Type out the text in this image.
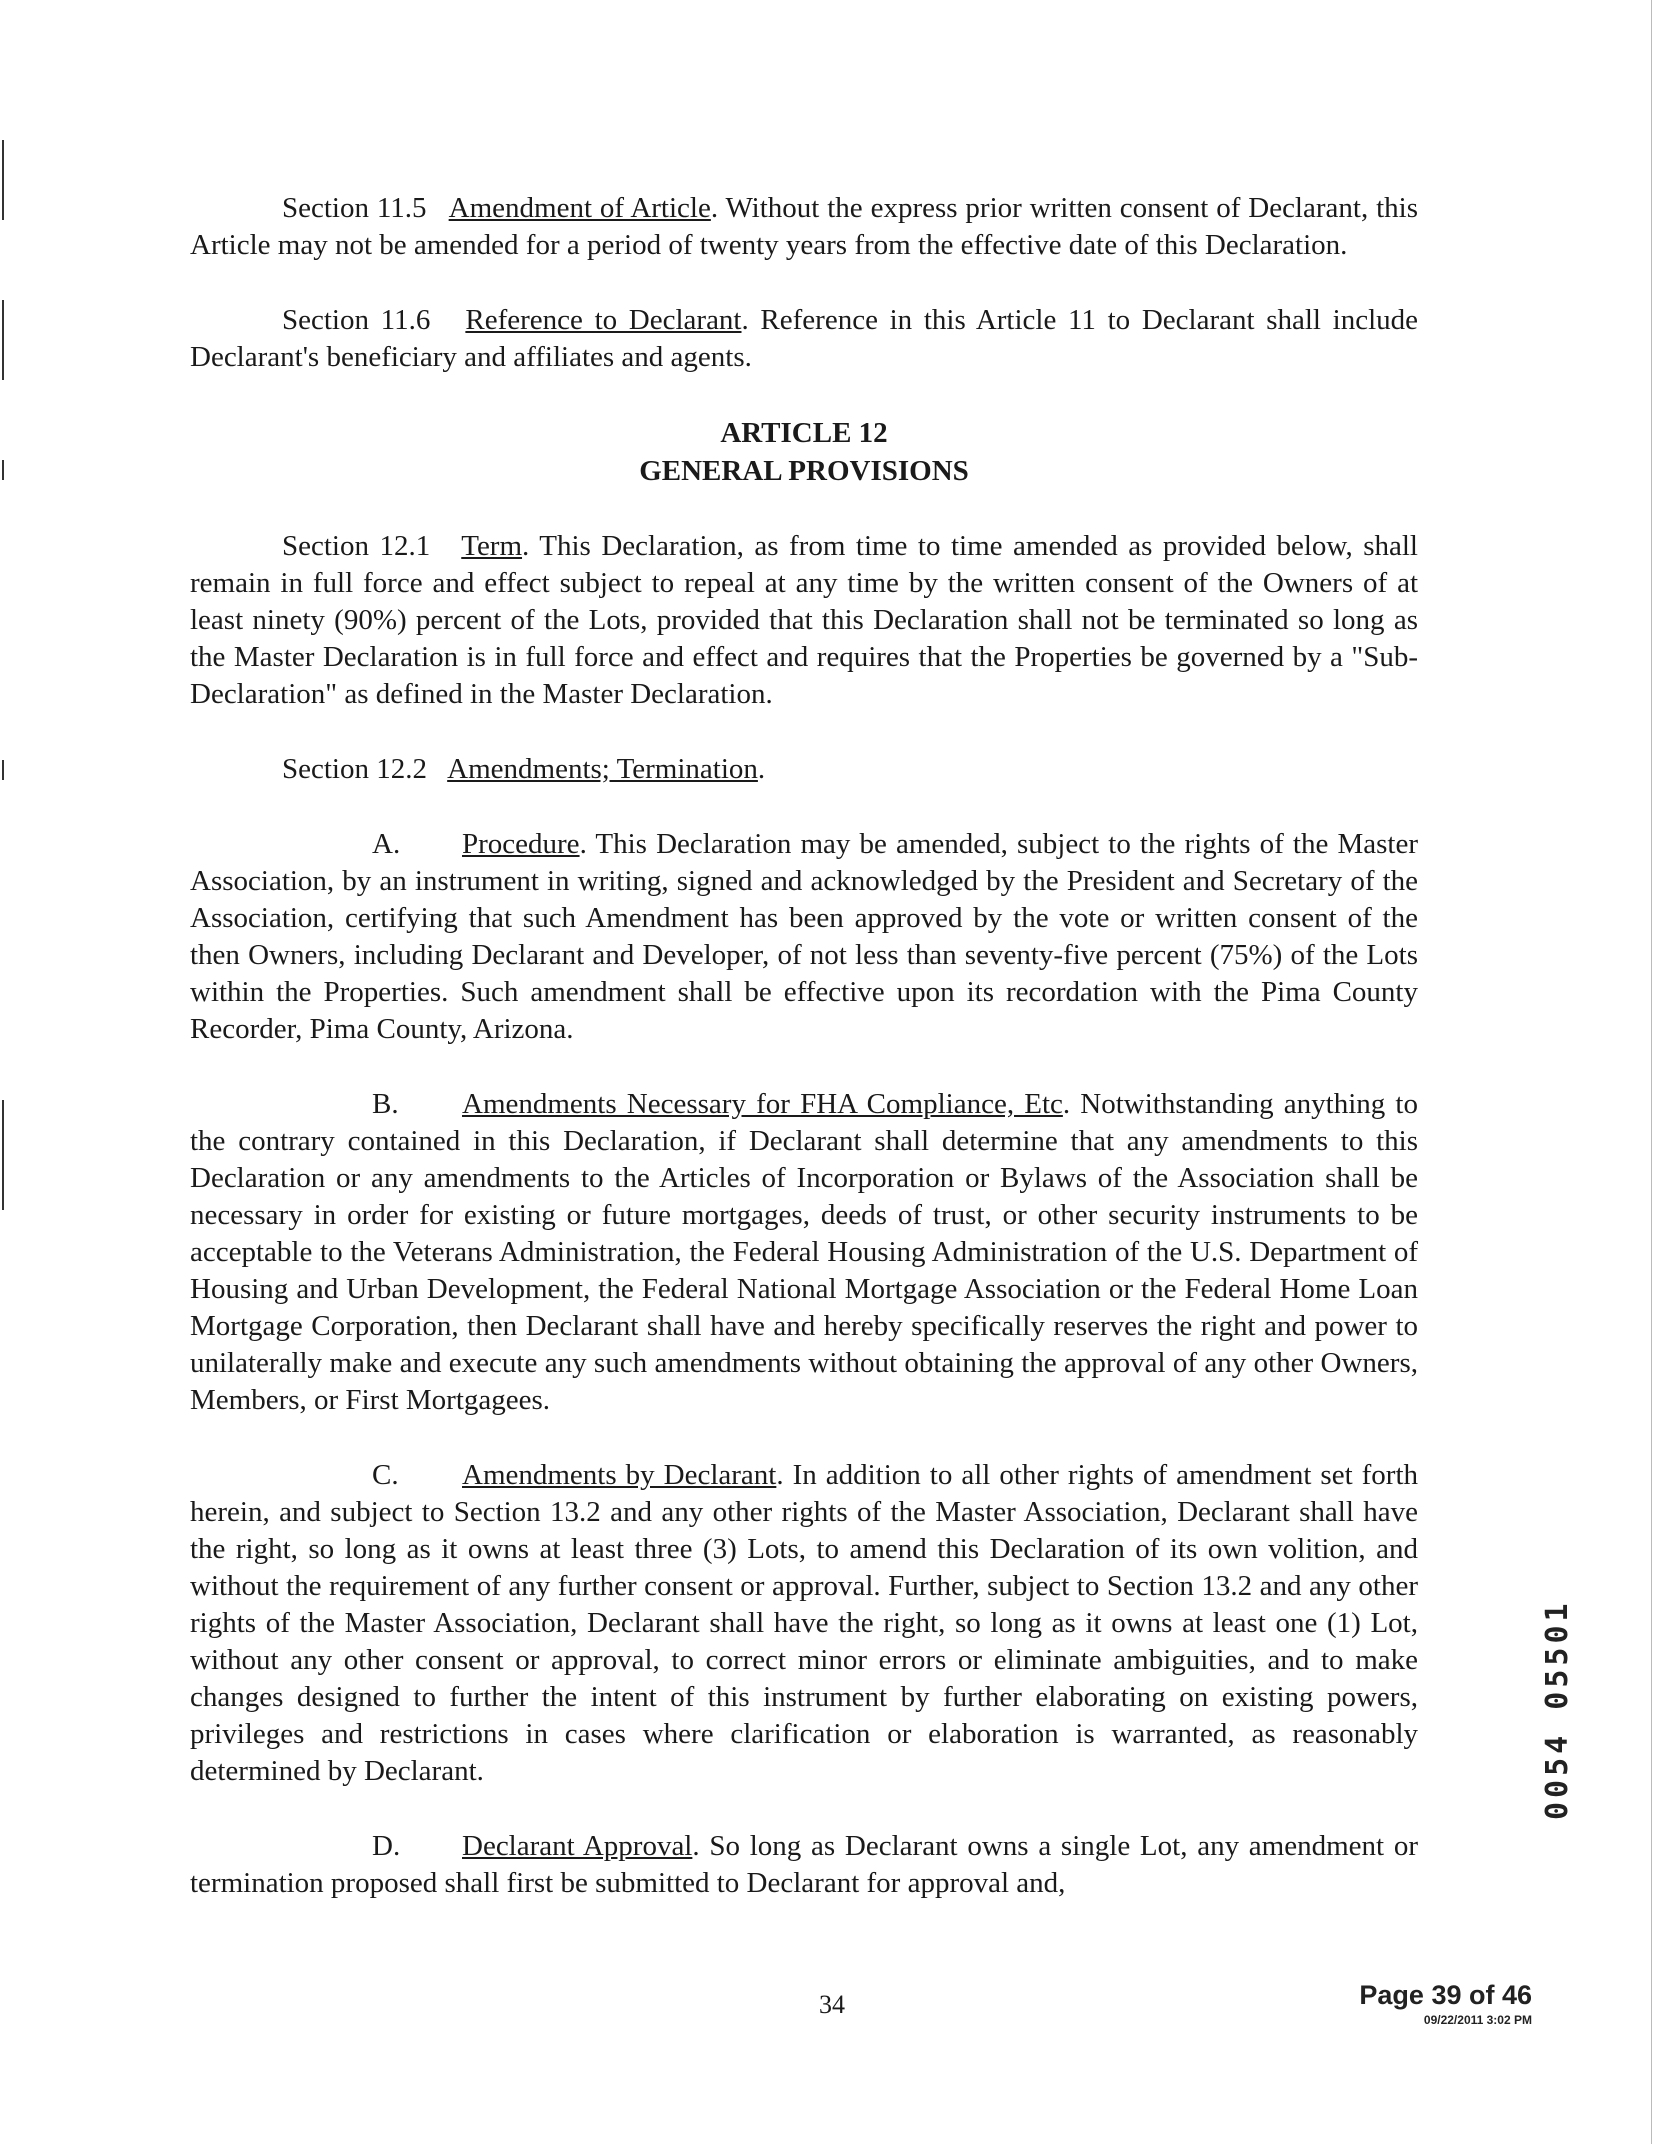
Section 11.5 Amendment of Article. Without the express prior written consent of Declarant, this Article may not be amended for a period of twenty years from the effective date of this Declaration.

Section 11.6 Reference to Declarant. Reference in this Article 11 to Declarant shall include Declarant's beneficiary and affiliates and agents.

ARTICLE 12
GENERAL PROVISIONS

Section 12.1 Term. This Declaration, as from time to time amended as provided below, shall remain in full force and effect subject to repeal at any time by the written consent of the Owners of at least ninety (90%) percent of the Lots, provided that this Declaration shall not be terminated so long as the Master Declaration is in full force and effect and requires that the Properties be governed by a "Sub-Declaration" as defined in the Master Declaration.

Section 12.2 Amendments; Termination.

A. Procedure. This Declaration may be amended, subject to the rights of the Master Association, by an instrument in writing, signed and acknowledged by the President and Secretary of the Association, certifying that such Amendment has been approved by the vote or written consent of the then Owners, including Declarant and Developer, of not less than seventy-five percent (75%) of the Lots within the Properties. Such amendment shall be effective upon its recordation with the Pima County Recorder, Pima County, Arizona.

B. Amendments Necessary for FHA Compliance, Etc. Notwithstanding anything to the contrary contained in this Declaration, if Declarant shall determine that any amendments to this Declaration or any amendments to the Articles of Incorporation or Bylaws of the Association shall be necessary in order for existing or future mortgages, deeds of trust, or other security instruments to be acceptable to the Veterans Administration, the Federal Housing Administration of the U.S. Department of Housing and Urban Development, the Federal National Mortgage Association or the Federal Home Loan Mortgage Corporation, then Declarant shall have and hereby specifically reserves the right and power to unilaterally make and execute any such amendments without obtaining the approval of any other Owners, Members, or First Mortgagees.

C. Amendments by Declarant. In addition to all other rights of amendment set forth herein, and subject to Section 13.2 and any other rights of the Master Association, Declarant shall have the right, so long as it owns at least three (3) Lots, to amend this Declaration of its own volition, and without the requirement of any further consent or approval. Further, subject to Section 13.2 and any other rights of the Master Association, Declarant shall have the right, so long as it owns at least one (1) Lot, without any other consent or approval, to correct minor errors or eliminate ambiguities, and to make changes designed to further the intent of this instrument by further elaborating on existing powers, privileges and restrictions in cases where clarification or elaboration is warranted, as reasonably determined by Declarant.

D. Declarant Approval. So long as Declarant owns a single Lot, any amendment or termination proposed shall first be submitted to Declarant for approval and,

0054 05501
34	Page 39 of 46
09/22/2011 3:02 PM
